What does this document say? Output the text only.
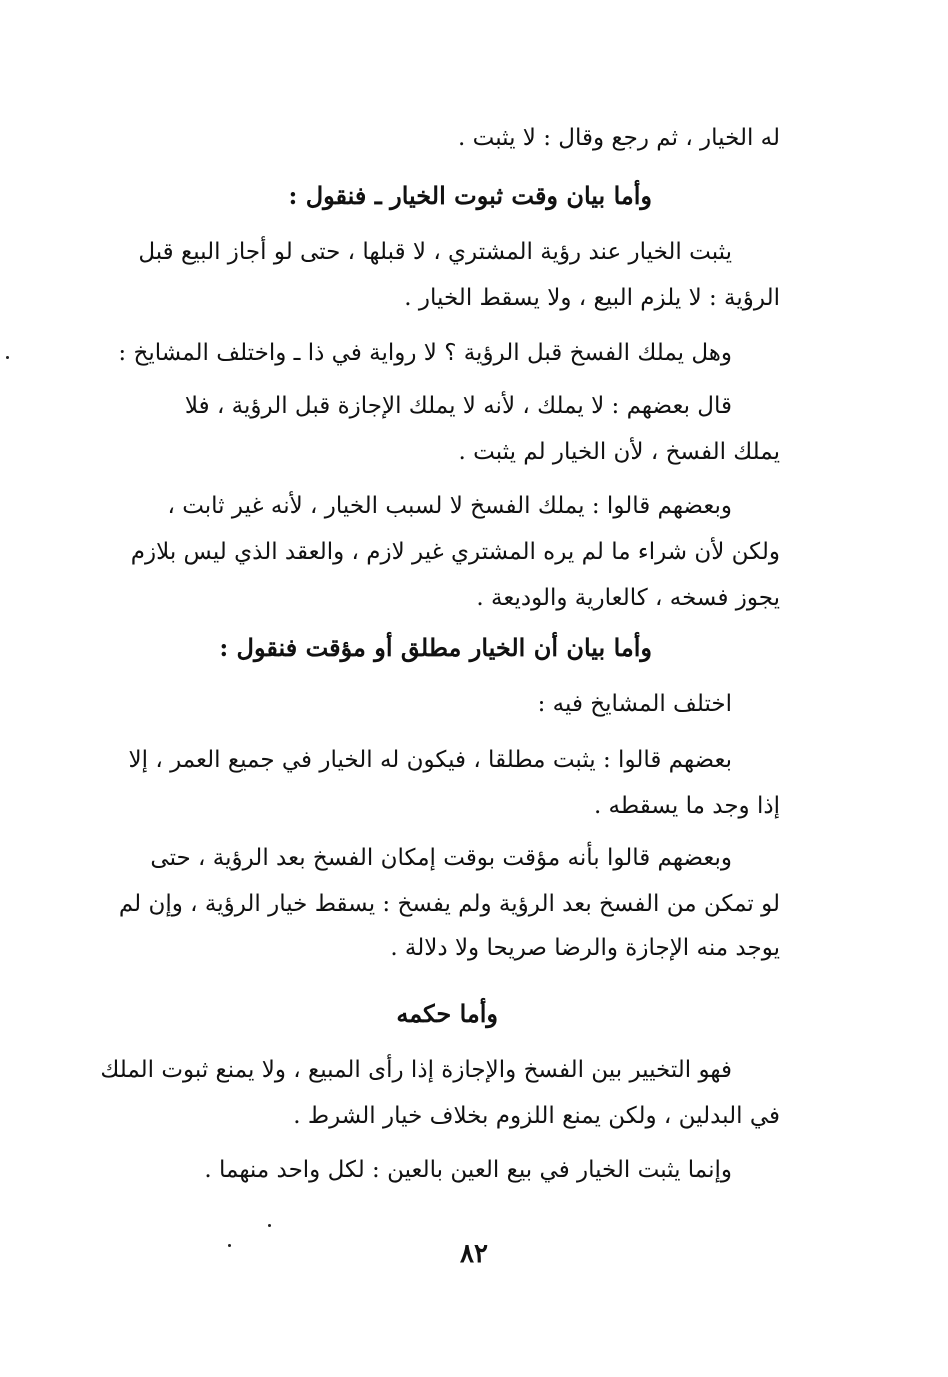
له الخيار ، ثم رجع وقال : لا يثبت .
وأما بيان وقت ثبوت الخيار ـ فنقول :
يثبت الخيار عند رؤية المشتري ، لا قبلها ، حتى لو أجاز البيع قبل
الرؤية : لا يلزم البيع ، ولا يسقط الخيار .
وهل يملك الفسخ قبل الرؤية ؟ لا رواية في ذا ـ واختلف المشايخ :
قال بعضهم : لا يملك ، لأنه لا يملك الإجازة قبل الرؤية ، فلا
يملك الفسخ ، لأن الخيار لم يثبت .
وبعضهم قالوا : يملك الفسخ لا لسبب الخيار ، لأنه غير ثابت ،
ولكن لأن شراء ما لم يره المشتري غير لازم ، والعقد الذي ليس بلازم
يجوز فسخه ، كالعارية والوديعة .
وأما بيان أن الخيار مطلق أو مؤقت فنقول :
اختلف المشايخ فيه :
بعضهم قالوا : يثبت مطلقا ، فيكون له الخيار في جميع العمر ، إلا
إذا وجد ما يسقطه .
وبعضهم قالوا بأنه مؤقت بوقت إمكان الفسخ بعد الرؤية ، حتى
لو تمكن من الفسخ بعد الرؤية ولم يفسخ : يسقط خيار الرؤية ، وإن لم
يوجد منه الإجازة والرضا صريحا ولا دلالة .
وأما حكمه
فهو التخيير بين الفسخ والإجازة إذا رأى المبيع ، ولا يمنع ثبوت الملك
في البدلين ، ولكن يمنع اللزوم بخلاف خيار الشرط .
وإنما يثبت الخيار في بيع العين بالعين : لكل واحد منهما .
٨٢
